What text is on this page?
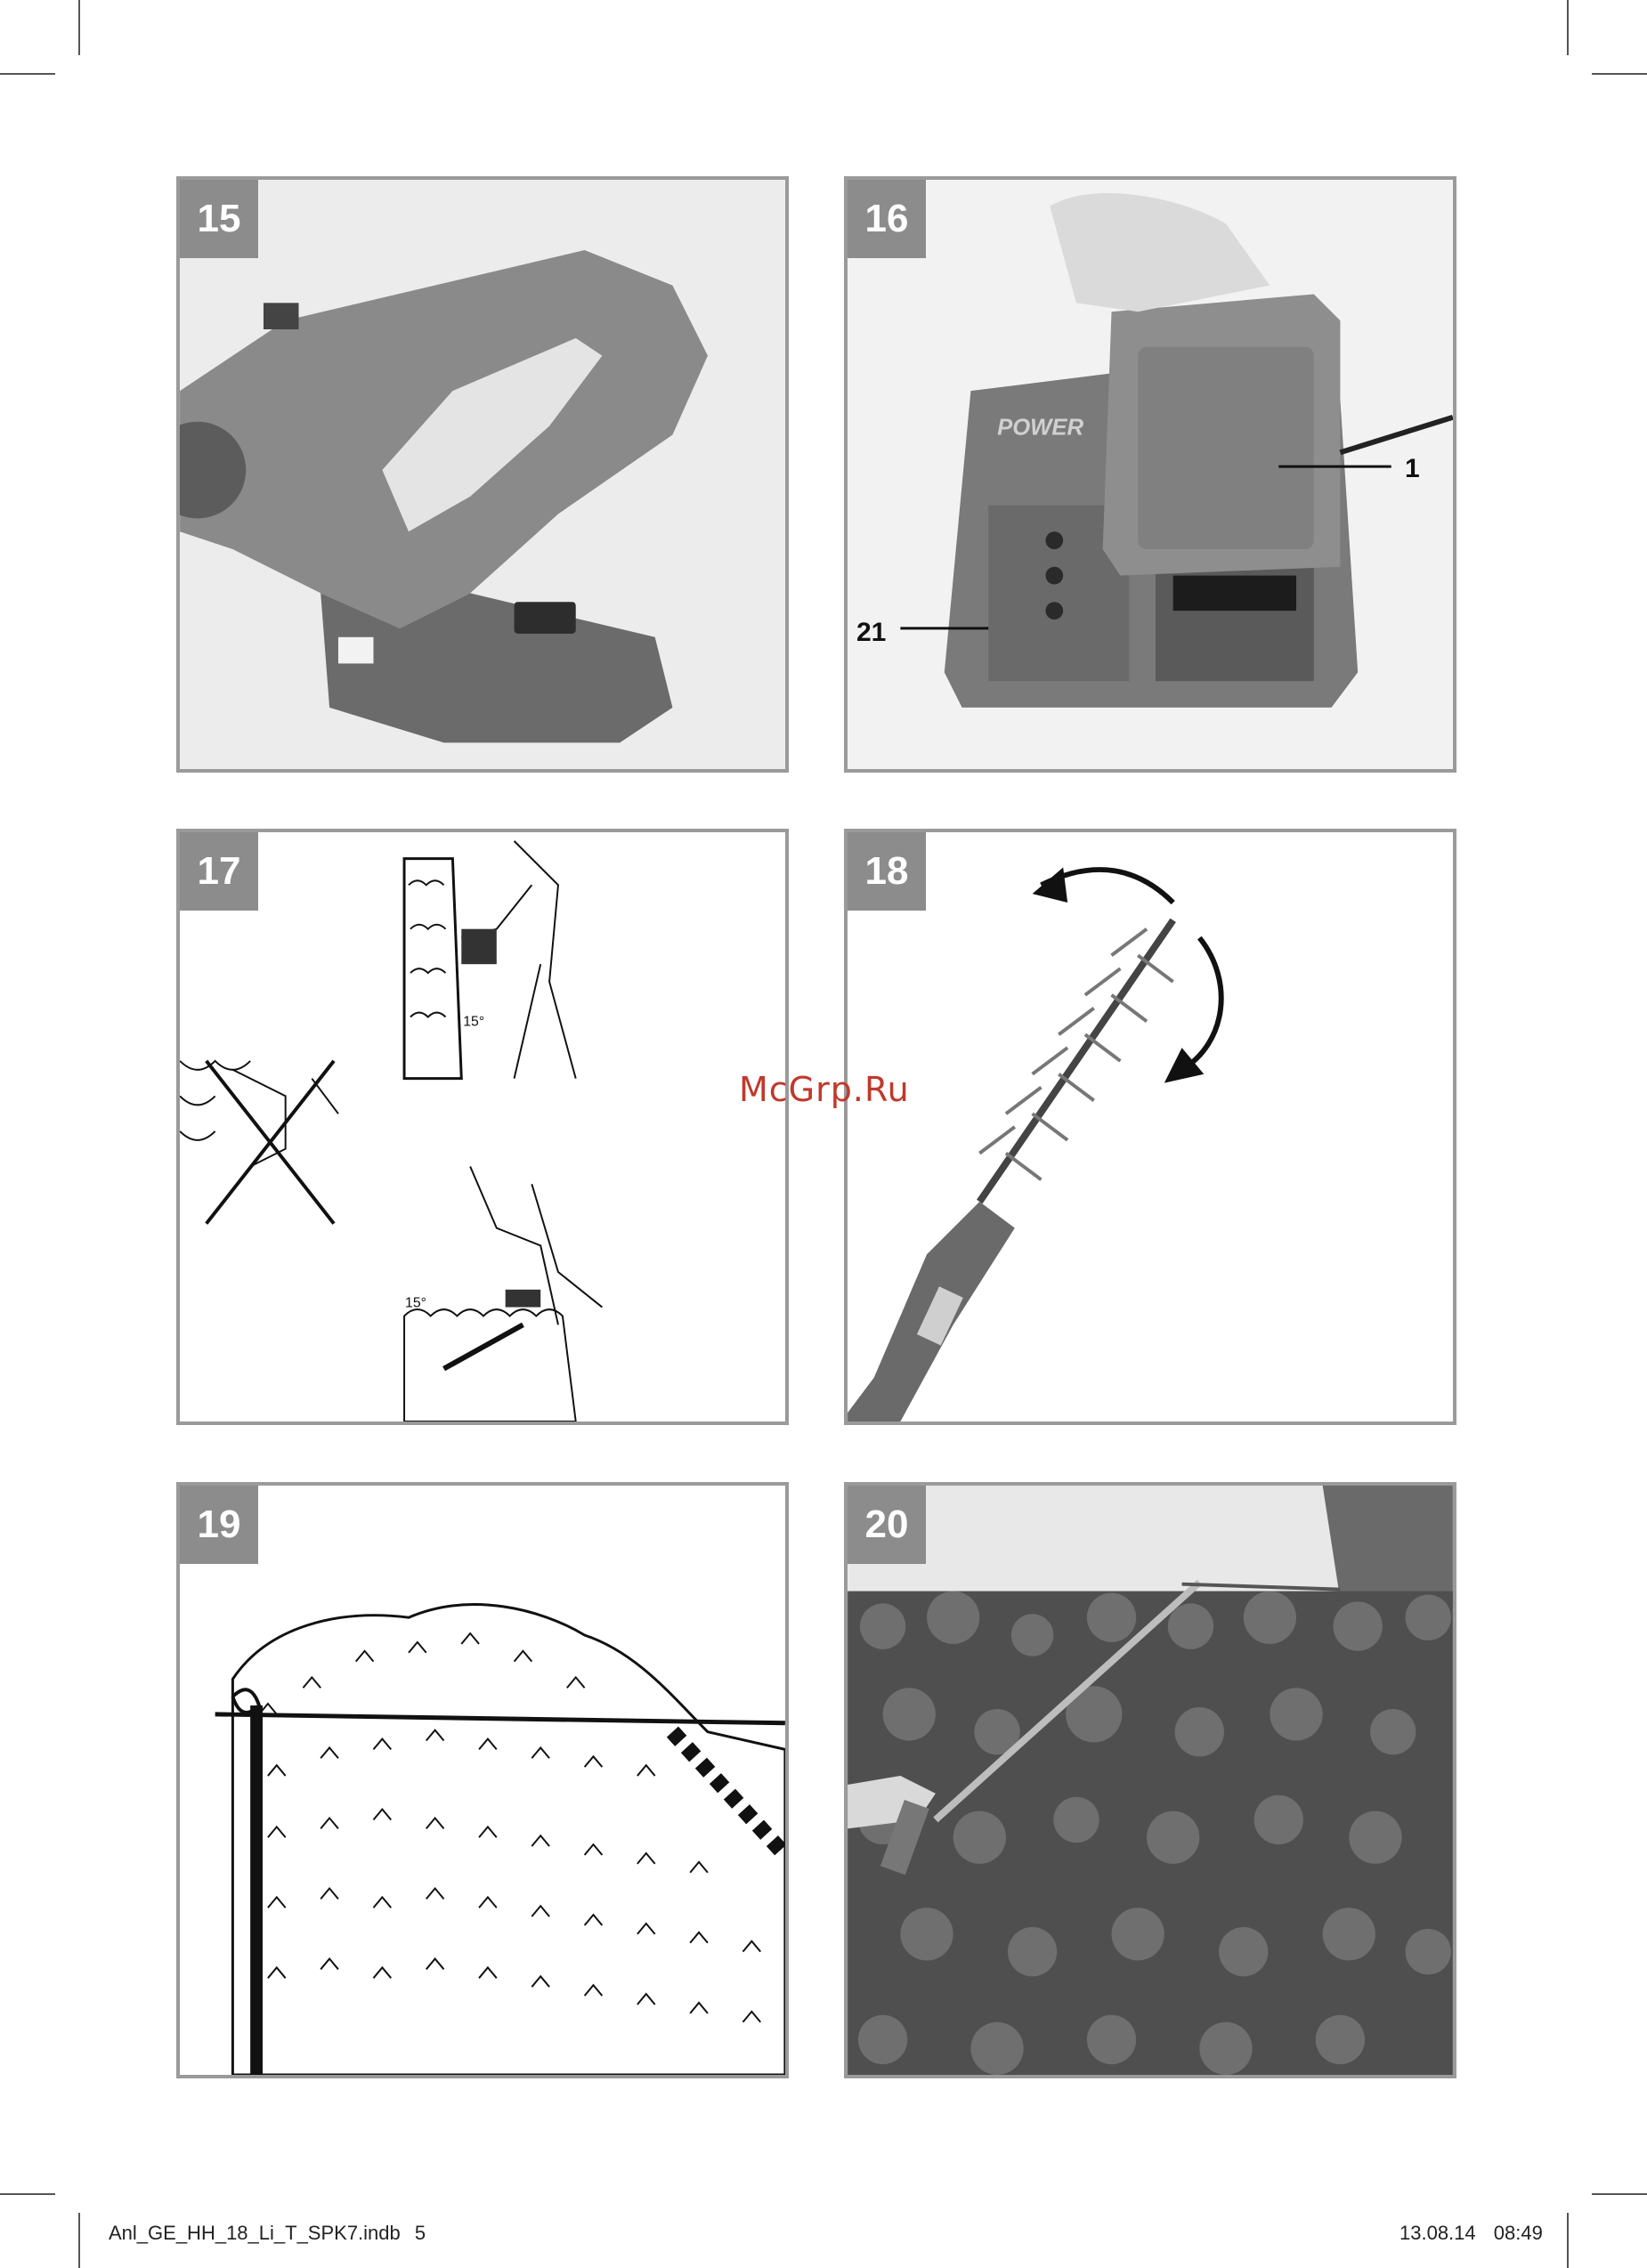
15	16
POWER
1
21
17
15°
15°
18
19	20
McGrp.Ru
Anl_GE_HH_18_Li_T_SPK7.indb 5	13.08.14 08:49
